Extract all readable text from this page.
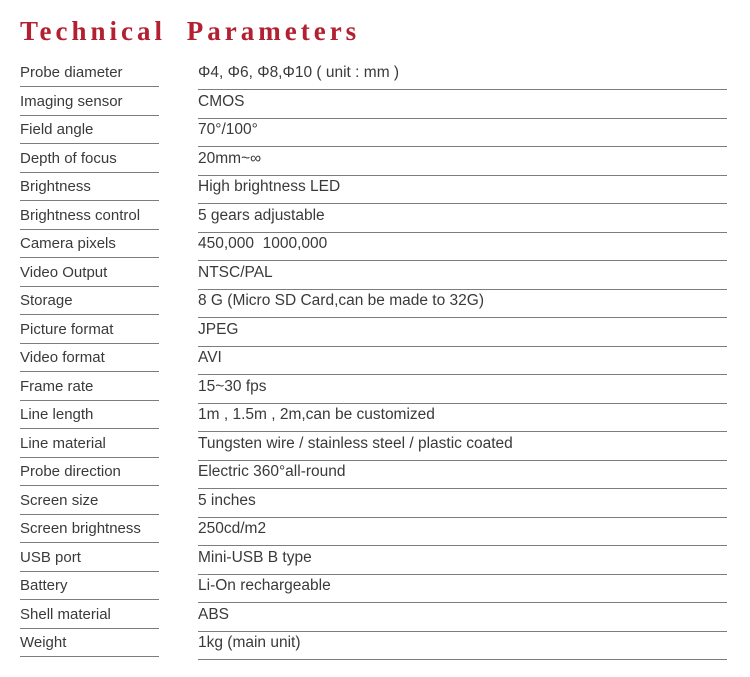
Technical Parameters
Probe diameter	Φ4, Φ6, Φ8,Φ10 ( unit : mm )
Imaging sensor	CMOS
Field angle	70°/100°
Depth of focus	20mm~∞
Brightness	High brightness LED
Brightness control	5 gears adjustable
Camera pixels	450,000  1000,000
Video Output	NTSC/PAL
Storage	8 G (Micro SD Card,can be made to 32G)
Picture format	JPEG
Video format	AVI
Frame rate	15~30 fps
Line length	1m , 1.5m , 2m,can be customized
Line material	Tungsten wire / stainless steel / plastic coated
Probe direction	Electric 360°all-round
Screen size	5 inches
Screen brightness	250cd/m2
USB port	Mini-USB B type
Battery	Li-On rechargeable
Shell material	ABS
Weight	1kg (main unit)
